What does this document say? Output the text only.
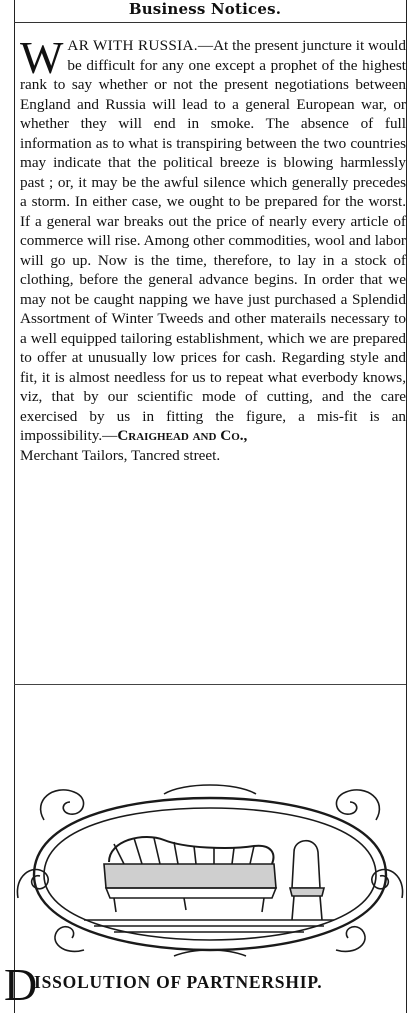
Business Notices.
W AR WITH RUSSIA.—At the present juncture it would be difficult for any one except a prophet of the highest rank to say whether or not the present negotiations between England and Russia will lead to a general European war, or whether they will end in smoke. The absence of full information as to what is transpiring between the two countries may indicate that the political breeze is blowing harmlessly past ; or, it may be the awful silence which generally precedes a storm. In either case, we ought to be prepared for the worst. If a general war breaks out the price of nearly every article of commerce will rise. Among other commodities, wool and labor will go up. Now is the time, therefore, to lay in a stock of clothing, before the general advance begins. In order that we may not be caught napping we have just purchased a Splendid Assortment of Winter Tweeds and other materails necessary to a well equipped tailoring establishment, which we are prepared to offer at unusually low prices for cash. Regarding style and fit, it is almost needless for us to repeat what everbody knows, viz, that by our scientific mode of cutting, and the care exercised by us in fitting the figure, a mis-fit is an impossibility.—Craighead and Co.,
Merchant Tailors, Tancred street.
D
ISSOLUTION OF PARTNERSHIP.
